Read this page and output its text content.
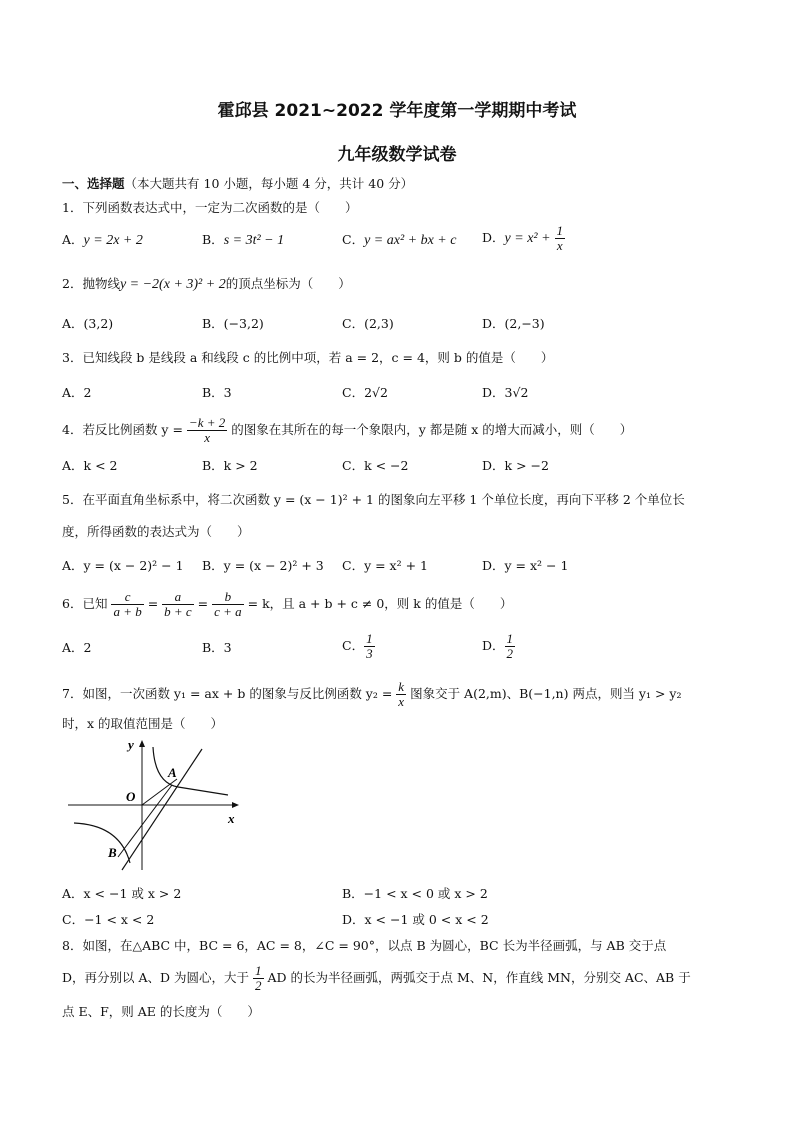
霍邱县 2021~2022 学年度第一学期期中考试
九年级数学试卷
一、选择题（本大题共有 10 小题，每小题 4 分，共计 40 分）
1．下列函数表达式中，一定为二次函数的是（　　）
A．y = 2x + 2	B．s = 3t² − 1	C．y = ax² + bx + c D．$y = x^2 + \frac{1}{x}$
2．抛物线y = −2(x + 3)² + 2的顶点坐标为（　　）
A．(3,2)	B．(−3,2)	C．(2,3)	D．(2,−3)
3．已知线段 b 是线段 a 和线段 c 的比例中项，若 a = 2，c = 4，则 b 的值是（　　）
A．2	B．3	C．2√2	D．3√2
4．若反比例函数 $y = \frac{-k + 2}{x}$ 的图象在其所在的每一个象限内，y 都是随 x 的增大而减小，则（　　）
A．k < 2	B．k > 2	C．k < −2	D．k > −2
5．在平面直角坐标系中，将二次函数 y = (x − 1)² + 1 的图象向左平移 1 个单位长度，再向下平移 2 个单位长
度，所得函数的表达式为（　　）
A．y = (x − 2)² − 1 B．y = (x − 2)² + 3 C．y = x² + 1	D．y = x² − 1
6．已知 $\frac{c}{a + b} = \frac{a}{b + c} = \frac{b}{c + a} = k$，且 a + b + c ≠ 0，则 k 的值是（　　）
A．2	B．3	C． $\frac{1}{3}$	D． $\frac{1}{2}$
7．如图，一次函数 y₁ = ax + b 的图象与反比例函数 $y_2 = \frac{k}{x}$ 图象交于 A(2,m)、B(−1,n) 两点，则当 y₁ > y₂
时，x 的取值范围是（　　）
y
x
O
A
B
A．x < −1 或 x > 2	B．−1 < x < 0 或 x > 2
C．−1 < x < 2	D．x < −1 或 0 < x < 2
8．如图，在△ABC 中，BC = 6，AC = 8，∠C = 90°，以点 B 为圆心，BC 长为半径画弧，与 AB 交于点
D，再分别以 A、D 为圆心，大于 $\frac{1}{2}$ AD 的长为半径画弧，两弧交于点 M、N，作直线 MN，分别交 AC、AB 于
点 E、F，则 AE 的长度为（　　）
